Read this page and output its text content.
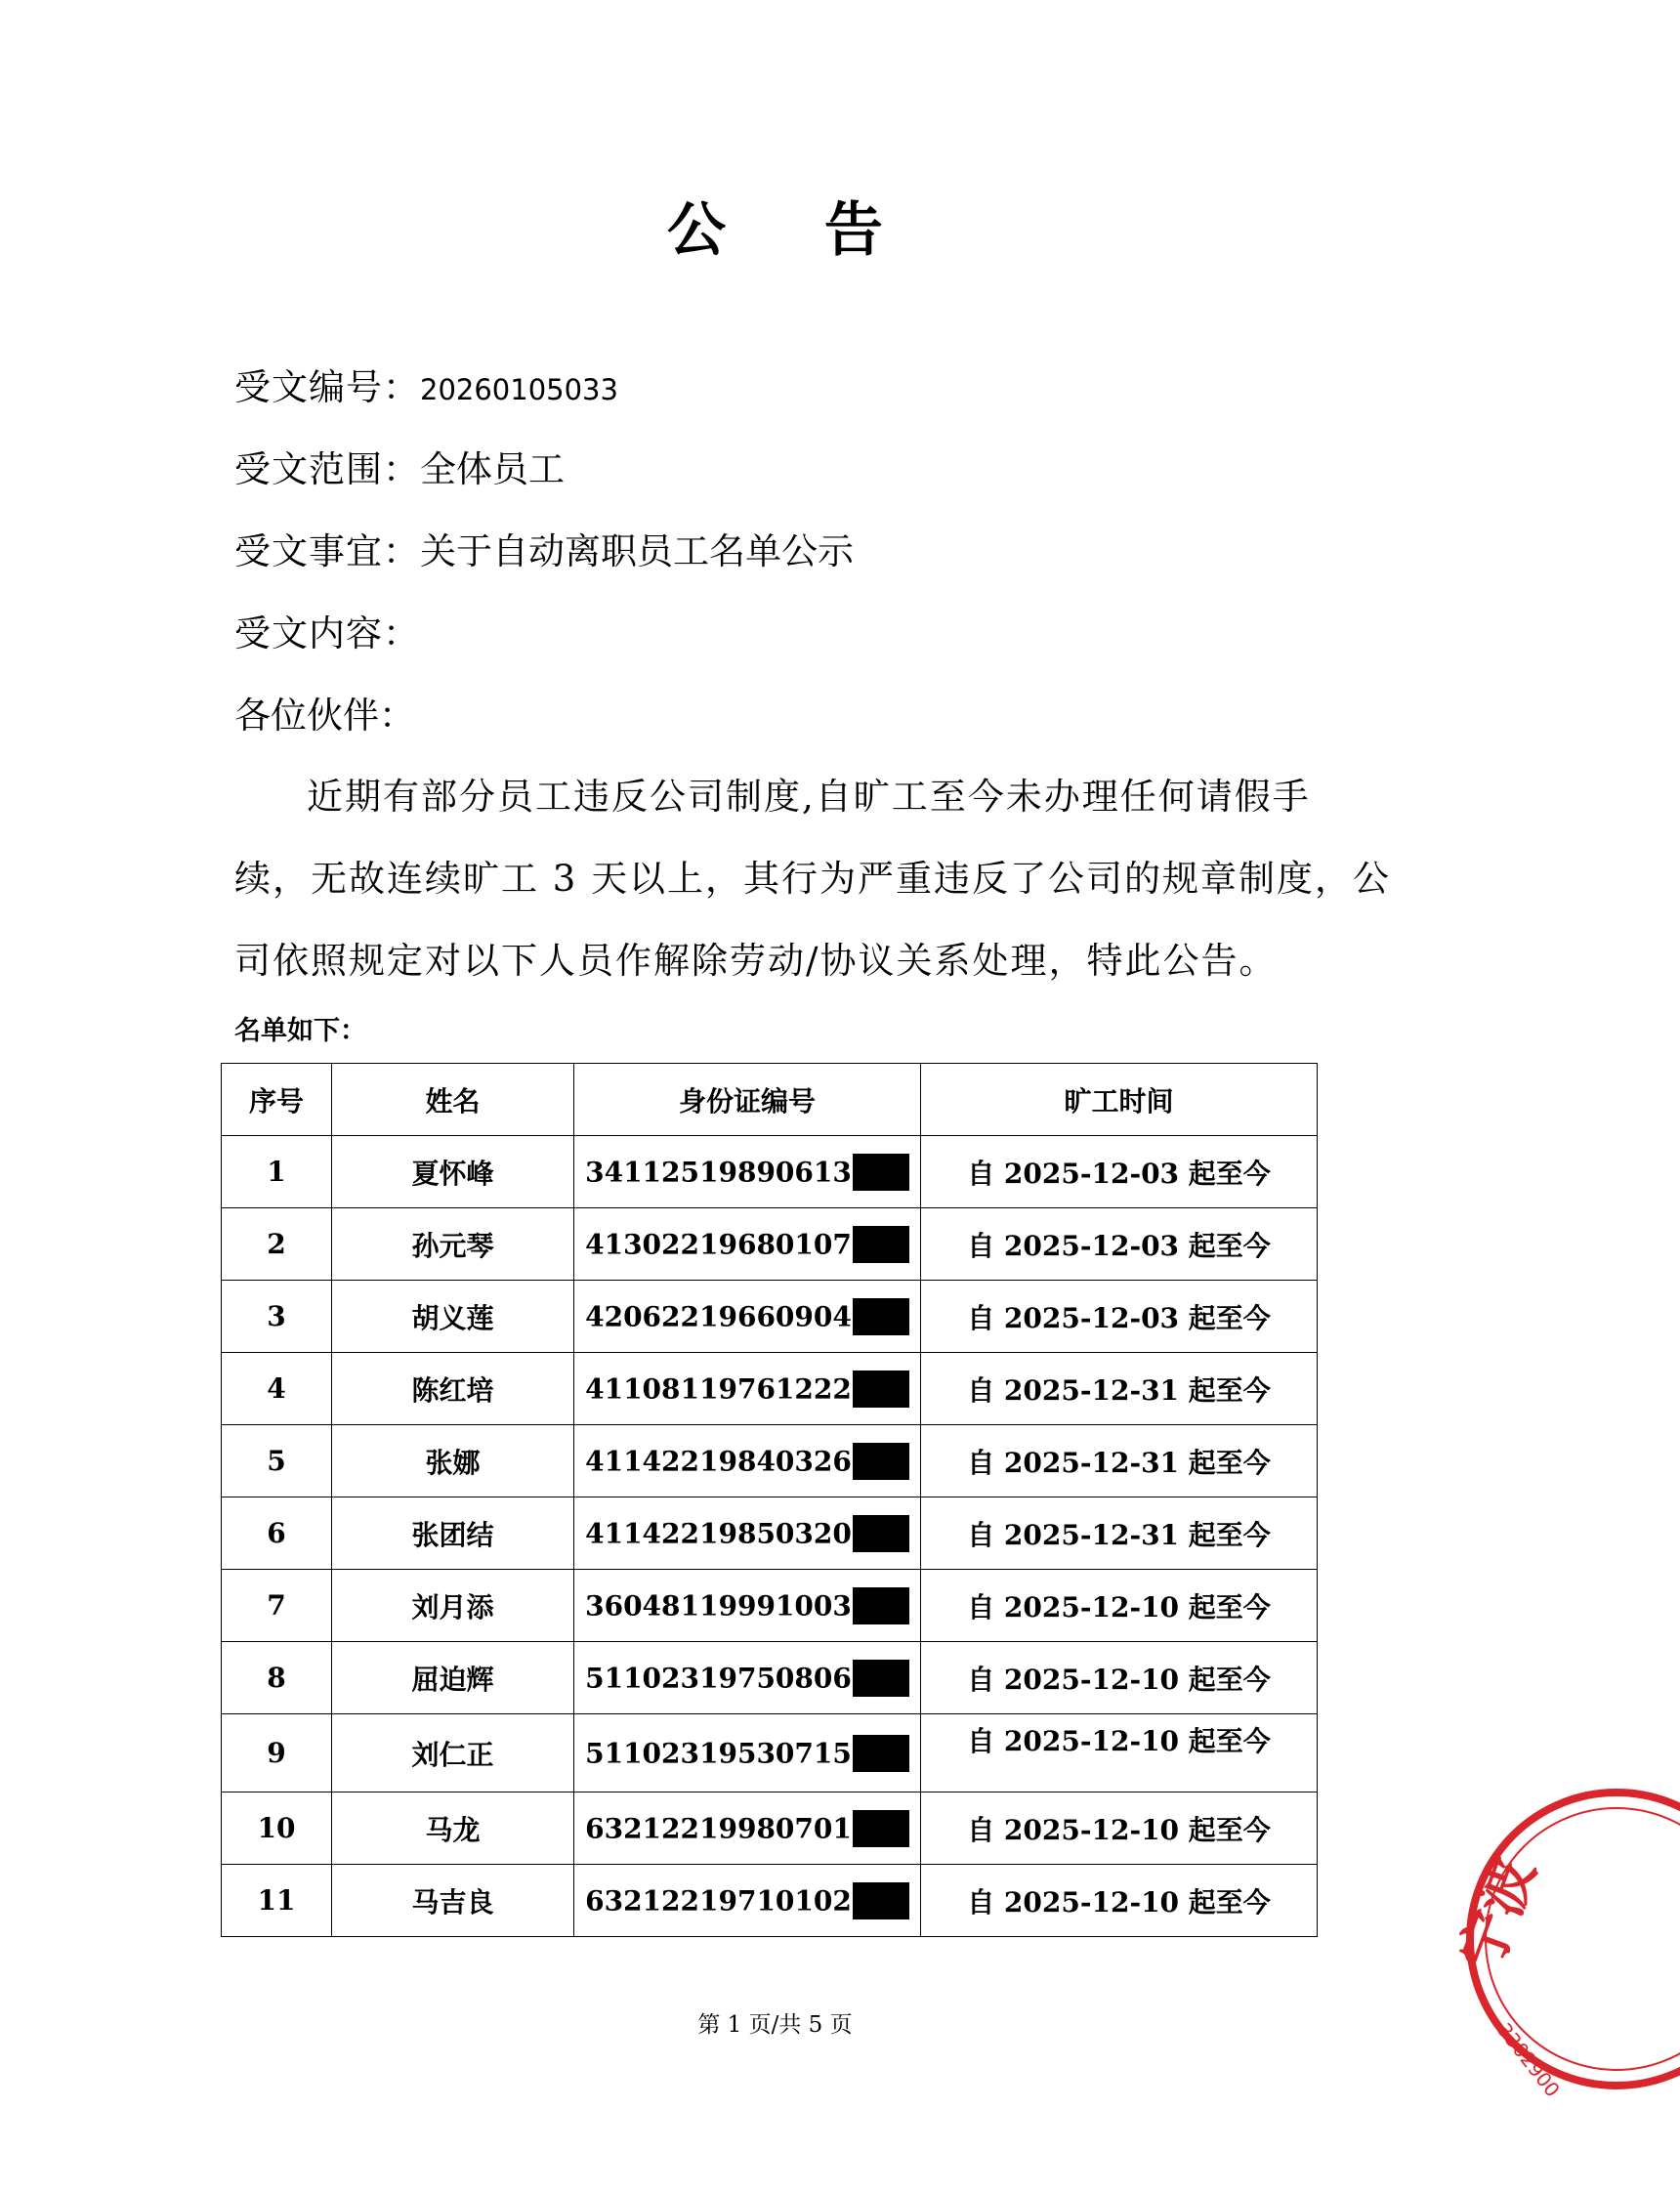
公 告
受文编号：20260105033
受文范围：全体员工
受文事宜：关于自动离职员工名单公示
受文内容：
各位伙伴：
近期有部分员工违反公司制度,自旷工至今未办理任何请假手
续，无故连续旷工 3 天以上，其行为严重违反了公司的规章制度，公
司依照规定对以下人员作解除劳动/协议关系处理，特此公告。
名单如下：
序号	姓名	身份证编号	旷工时间
1	夏怀峰	34112519890613	自 2025-12-03 起至今
2	孙元琴	41302219680107	自 2025-12-03 起至今
3	胡义莲	42062219660904	自 2025-12-03 起至今
4	陈红培	41108119761222	自 2025-12-31 起至今
5	张娜	41142219840326	自 2025-12-31 起至今
6	张团结	41142219850320	自 2025-12-31 起至今
7	刘月添	36048119991003	自 2025-12-10 起至今
8	屈迫辉	51102319750806	自 2025-12-10 起至今
9	刘仁正	51102319530715	自 2025-12-10 起至今
10	马龙	63212219980701	自 2025-12-10 起至今
11	马吉良	63212219710102	自 2025-12-10 起至今
第 1 页/共 5 页
宁波
3302900
